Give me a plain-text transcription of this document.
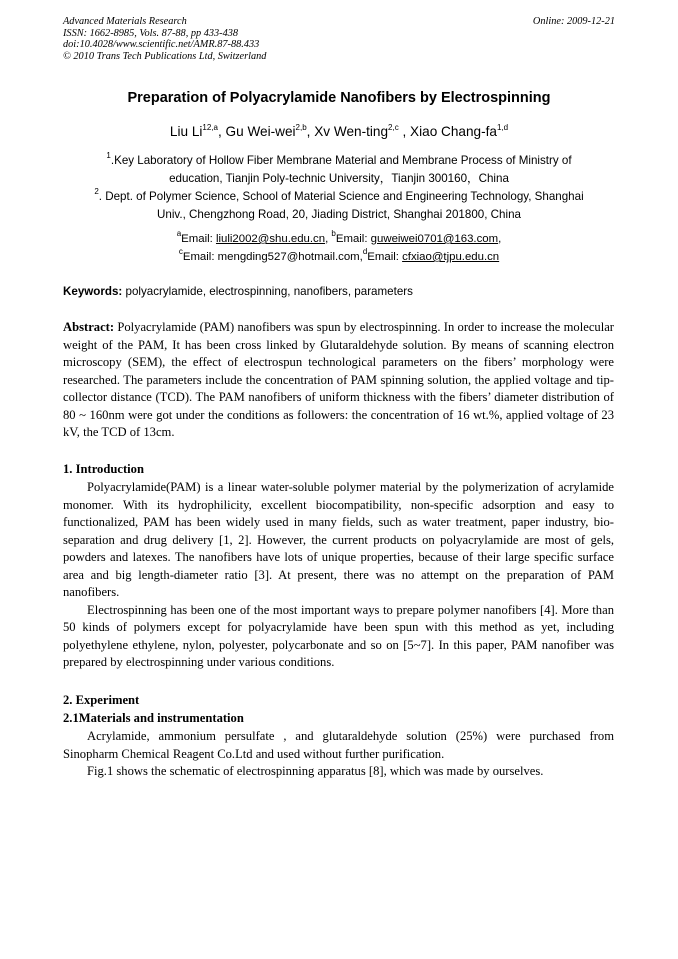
Advanced Materials Research
ISSN: 1662-8985, Vols. 87-88, pp 433-438
doi:10.4028/www.scientific.net/AMR.87-88.433
© 2010 Trans Tech Publications Ltd, Switzerland
Online: 2009-12-21
Preparation of Polyacrylamide Nanofibers by Electrospinning
Liu Li$^{12,a}$, Gu Wei-wei$^{2,b}$, Xv Wen-ting$^{2,c}$ , Xiao Chang-fa$^{1,d}$
$^1$.Key Laboratory of Hollow Fiber Membrane Material and Membrane Process of Ministry of
education, Tianjin Poly-technic University，Tianjin 300160，China
$^2$. Dept. of Polymer Science, School of Material Science and Engineering Technology, Shanghai
Univ., Chengzhong Road, 20, Jiading District, Shanghai 201800, China
$^a$Email: liuli2002@shu.edu.cn, $^b$Email: guweiwei0701@163.com,
$^c$Email: mengding527@hotmail.com,$^d$Email: cfxiao@tjpu.edu.cn
Keywords: polyacrylamide, electrospinning, nanofibers, parameters

Abstract: Polyacrylamide (PAM) nanofibers was spun by electrospinning. In order to increase the molecular weight of the PAM, It has been cross linked by Glutaraldehyde solution. By means of scanning electron microscopy (SEM), the effect of electrospun technological parameters on the fibers’ morphology were researched. The parameters include the concentration of PAM spinning solution, the applied voltage and tip-collector distance (TCD). The PAM nanofibers of uniform thickness with the fibers’ diameter distribution of 80 ~ 160nm were got under the conditions as followers: the concentration of 16 wt.%, applied voltage of 23 kV, the TCD of 13cm.

1. Introduction

Polyacrylamide(PAM) is a linear water-soluble polymer material by the polymerization of acrylamide monomer. With its hydrophilicity, excellent biocompatibility, non-specific adsorption and easy to functionalized, PAM has been widely used in many fields, such as water treatment, paper industry, bio-separation and drug delivery [1, 2]. However, the current products on polyacrylamide are most of gels, powders and latexes. The nanofibers have lots of unique properties, because of their large specific surface area and big length-diameter ratio [3]. At present, there was no attempt on the preparation of PAM nanofibers.

Electrospinning has been one of the most important ways to prepare polymer nanofibers [4]. More than 50 kinds of polymers except for polyacrylamide have been spun with this method as yet, including polyethylene ethylene, nylon, polyester, polycarbonate and so on [5~7]. In this paper, PAM nanofiber was prepared by electrospinning under various conditions.

2. Experiment
2.1Materials and instrumentation

Acrylamide, ammonium persulfate , and glutaraldehyde solution (25%) were purchased from Sinopharm Chemical Reagent Co.Ltd and used without further purification.

Fig.1 shows the schematic of electrospinning apparatus [8], which was made by ourselves.
